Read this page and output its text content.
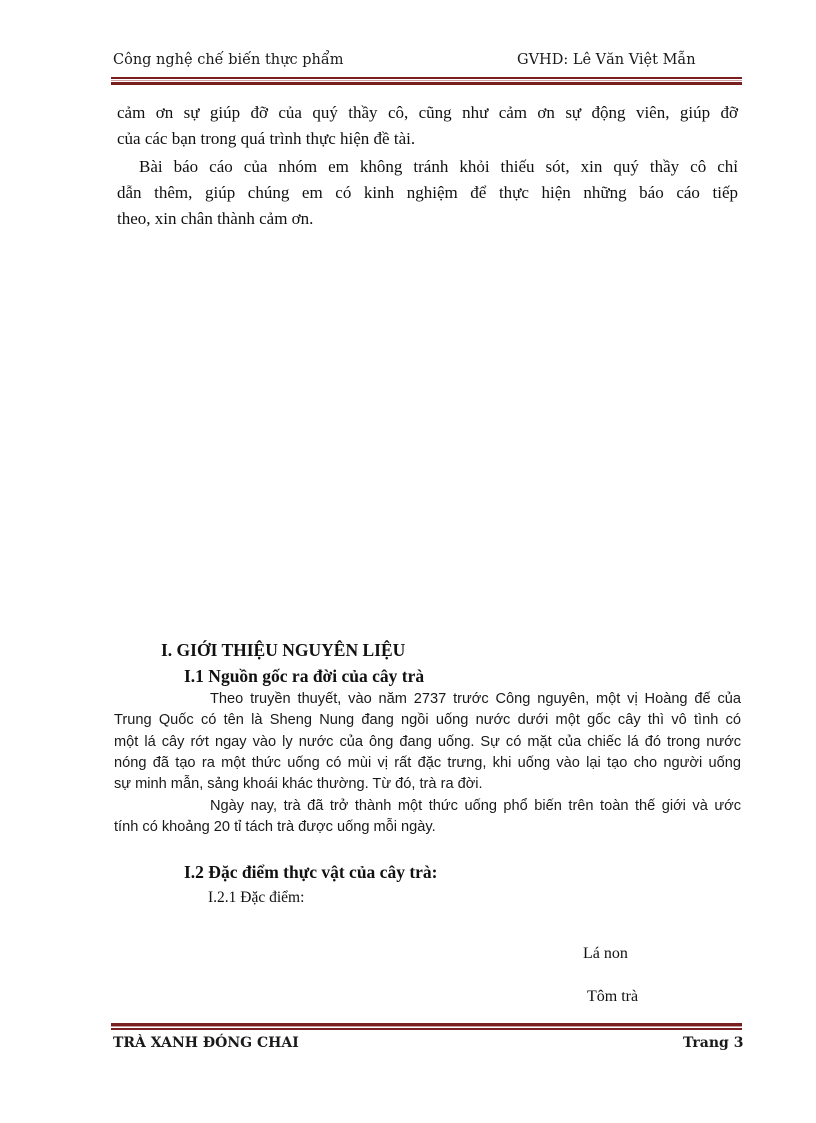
Công nghệ chế biến thực phẩm	GVHD: Lê Văn Việt Mẫn
cảm ơn sự giúp đỡ của quý thầy cô, cũng như cảm ơn sự động viên, giúp đỡ
của các bạn trong quá trình thực hiện đề tài.
Bài báo cáo của nhóm em không tránh khỏi thiếu sót, xin quý thầy cô chỉ
dẫn thêm, giúp chúng em có kinh nghiệm để thực hiện những báo cáo tiếp
theo, xin chân thành cảm ơn.
I. GIỚI THIỆU NGUYÊN LIỆU
I.1 Nguồn gốc ra đời của cây trà
Theo truyền thuyết, vào năm 2737 trước Công nguyên, một vị Hoàng đế của
Trung Quốc có tên là Sheng Nung đang ngồi uống nước dưới một gốc cây thì vô tình có
một lá cây rớt ngay vào ly nước của ông đang uống. Sự có mặt của chiếc lá đó trong nước
nóng đã tạo ra một thức uống có mùi vị rất đặc trưng, khi uống vào lại tạo cho người uống
sự minh mẫn, sảng khoái khác thường. Từ đó, trà ra đời.
Ngày nay, trà đã trở thành một thức uống phổ biến trên toàn thế giới và ước
tính có khoảng 20 tỉ tách trà được uống mỗi ngày.
I.2 Đặc điểm thực vật của cây trà:
I.2.1 Đặc điểm:
Lá non
Tôm trà
TRÀ XANH ĐÓNG CHAI	Trang 3
